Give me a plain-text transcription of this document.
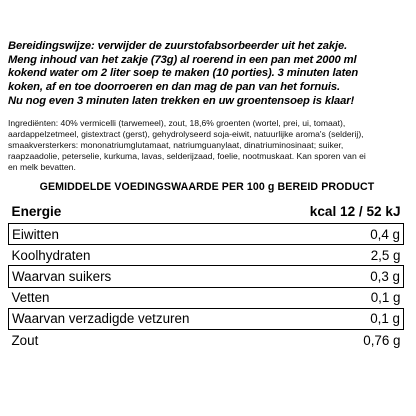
Bereidingswijze: verwijder de zuurstofabsorbeerder uit het zakje.
Meng inhoud van het zakje (73g) al roerend in een pan met 2000 ml
kokend water om 2 liter soep te maken (10 porties). 3 minuten laten
koken, af en toe doorroeren en dan mag de pan van het fornuis.
Nu nog even 3 minuten laten trekken en uw groentensoep is klaar!
Ingrediënten: 40% vermicelli (tarwemeel), zout, 18,6% groenten (wortel, prei, ui, tomaat),
aardappelzetmeel, gistextract (gerst), gehydrolyseerd soja-eiwit, natuurlijke aroma's (selderij),
smaakversterkers: mononatriumglutamaat, natriumguanylaat, dinatriuminosinaat; suiker,
raapzaadolie, peterselie, kurkuma, lavas, selderijzaad, foelie, nootmuskaat. Kan sporen van ei
en melk bevatten.
GEMIDDELDE VOEDINGSWAARDE PER 100 g BEREID PRODUCT
Energie	kcal 12 / 52 kJ
Eiwitten	0,4 g
Koolhydraten	2,5 g
Waarvan suikers	0,3 g
Vetten	0,1 g
Waarvan verzadigde vetzuren	0,1 g
Zout	0,76 g
